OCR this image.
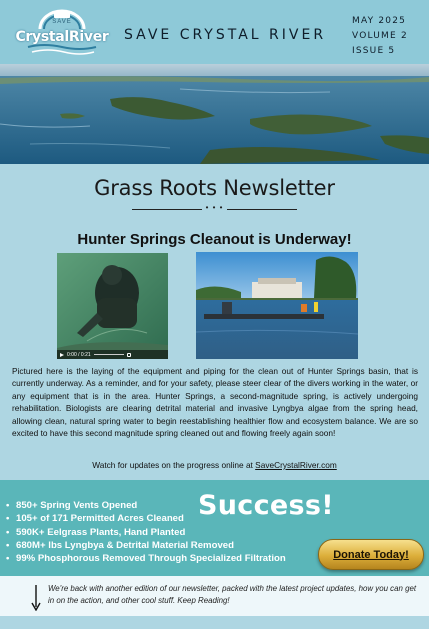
SAVE
CrystalRiver SAVE CRYSTAL RIVER
MAY 2025
VOLUME 2
ISSUE 5
Grass Roots Newsletter
• • •
Hunter Springs Cleanout is Underway!
0:00 / 0:21

Pictured here is the laying of the equipment and piping for the clean out of Hunter Springs basin, that is currently underway. As a reminder, and for your safety, please steer clear of the divers working in the water, or any equipment that is in the area. Hunter Springs, a second-magnitude spring, is actively undergoing rehabilitation. Biologists are clearing detrital material and invasive Lyngbya algae from the spring head, allowing clean, natural spring water to begin reestablishing healthier flow and ecosystem balance. We are so excited to have this second magnitude spring cleaned out and flowing freely again soon!

Watch for updates on the progress online at SaveCrystalRiver.com
• 850+ Spring Vents Opened
• 105+ of 171 Permitted Acres Cleaned
• 590K+ Eelgrass Plants, Hand Planted
• 680M+ lbs Lyngbya & Detrital Material Removed
• 99% Phosphorous Removed Through Specialized Filtration
Success!
Donate Today!
We're back with another edition of our newsletter, packed with the latest project updates, how you can get in on the action, and other cool stuff. Keep Reading!
